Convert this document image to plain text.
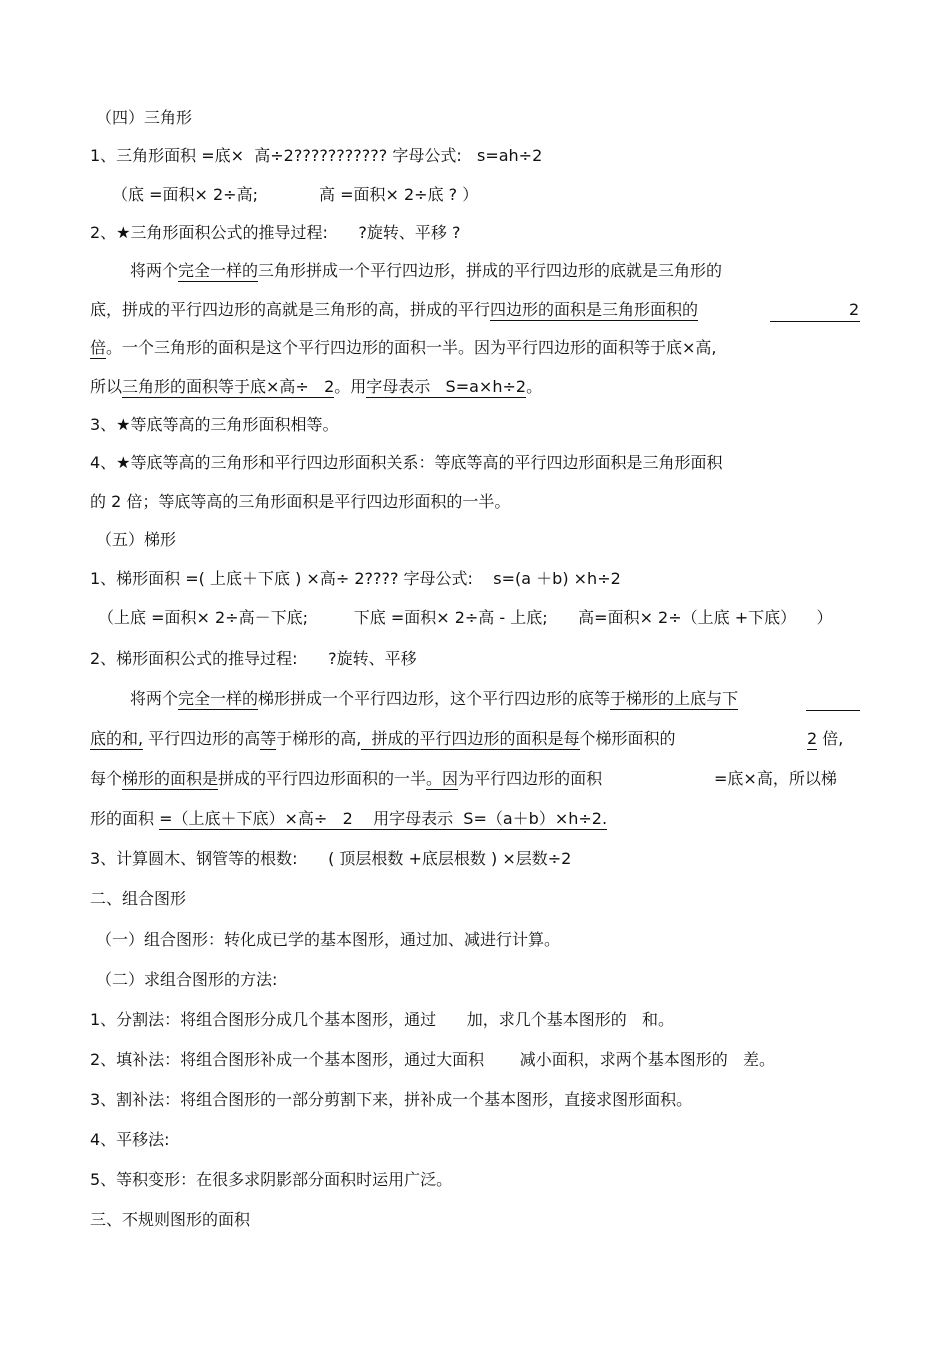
（四）三角形
1、三角形面积 =底×  高÷2??????????? 字母公式:   s=ah÷2
（底 =面积× 2÷高;            高 =面积× 2÷底 ? ）
2、★三角形面积公式的推导过程:      ?旋转、平移 ?
将两个完全一样的三角形拼成一个平行四边形，拼成的平行四边形的底就是三角形的
底，拼成的平行四边形的高就是三角形的高，拼成的平行四边形的面积是三角形面积的	2
倍。一个三角形的面积是这个平行四边形的面积一半。因为平行四边形的面积等于底×高,
所以三角形的面积等于底×高÷   2。用字母表示   S=a×h÷2。
3、★等底等高的三角形面积相等。
4、★等底等高的三角形和平行四边形面积关系：等底等高的平行四边形面积是三角形面积
的 2 倍；等底等高的三角形面积是平行四边形面积的一半。
（五）梯形
1、梯形面积 =( 上底＋下底 ) ×高÷ 2???? 字母公式:    s=(a ＋b) ×h÷2
（上底 =面积× 2÷高－下底;         下底 =面积× 2÷高 - 上底;      高=面积× 2÷（上底 +下底）    ）
2、梯形面积公式的推导过程:      ?旋转、平移
将两个完全一样的梯形拼成一个平行四边形，这个平行四边形的底等于梯形的上底与下
底的和, 平行四边形的高等于梯形的高,  拼成的平行四边形的面积是每个梯形面积的	2 倍,
每个梯形的面积是拼成的平行四边形面积的一半。因为平行四边形的面积	=底×高，所以梯
形的面积 =（上底＋下底）×高÷   2    用字母表示  S=（a＋b）×h÷2.
3、计算圆木、钢管等的根数:      ( 顶层根数 +底层根数 ) ×层数÷2
二、组合图形
（一）组合图形：转化成已学的基本图形，通过加、减进行计算。
（二）求组合图形的方法:
1、分割法：将组合图形分成几个基本图形，通过      加，求几个基本图形的   和。
2、填补法：将组合图形补成一个基本图形，通过大面积       减小面积，求两个基本图形的   差。
3、割补法：将组合图形的一部分剪割下来，拼补成一个基本图形，直接求图形面积。
4、平移法:
5、等积变形：在很多求阴影部分面积时运用广泛。
三、不规则图形的面积
